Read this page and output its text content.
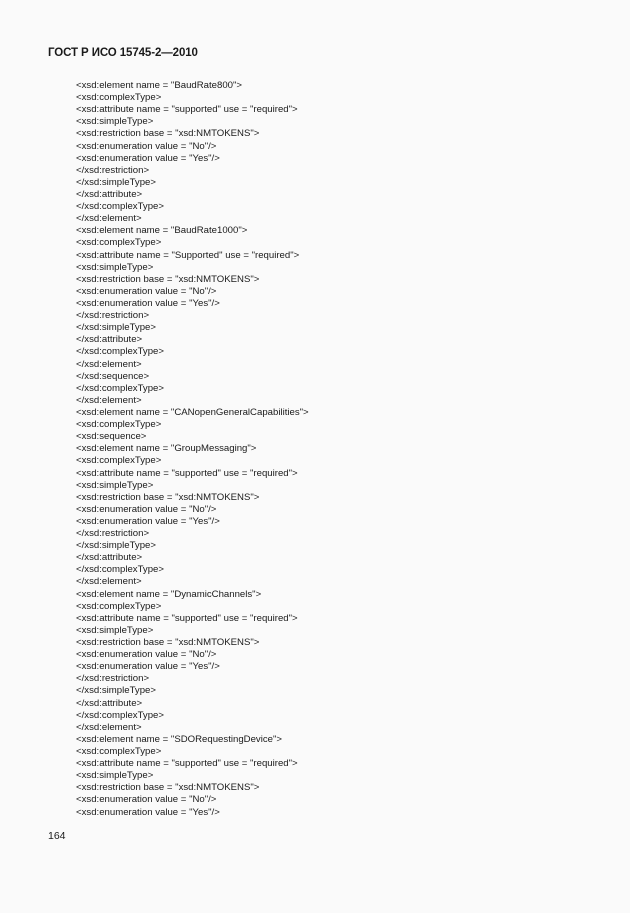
ГОСТ Р ИСО 15745-2—2010
<xsd:element name = "BaudRate800">
<xsd:complexType>
<xsd:attribute name = "supported" use = "required">
<xsd:simpleType>
<xsd:restriction base = "xsd:NMTOKENS">
<xsd:enumeration value = "No"/>
<xsd:enumeration value = "Yes"/>
</xsd:restriction>
</xsd:simpleType>
</xsd:attribute>
</xsd:complexType>
</xsd:element>
<xsd:element name = "BaudRate1000">
<xsd:complexType>
<xsd:attribute name = "Supported" use = "required">
<xsd:simpleType>
<xsd:restriction base = "xsd:NMTOKENS">
<xsd:enumeration value = "No"/>
<xsd:enumeration value = "Yes"/>
</xsd:restriction>
</xsd:simpleType>
</xsd:attribute>
</xsd:complexType>
</xsd:element>
</xsd:sequence>
</xsd:complexType>
</xsd:element>
<xsd:element name = "CANopenGeneralCapabilities">
<xsd:complexType>
<xsd:sequence>
<xsd:element name = "GroupMessaging">
<xsd:complexType>
<xsd:attribute name = "supported" use = "required">
<xsd:simpleType>
<xsd:restriction base = "xsd:NMTOKENS">
<xsd:enumeration value = "No"/>
<xsd:enumeration value = "Yes"/>
</xsd:restriction>
</xsd:simpleType>
</xsd:attribute>
</xsd:complexType>
</xsd:element>
<xsd:element name = "DynamicChannels">
<xsd:complexType>
<xsd:attribute name = "supported" use = "required">
<xsd:simpleType>
<xsd:restriction base = "xsd:NMTOKENS">
<xsd:enumeration value = "No"/>
<xsd:enumeration value = "Yes"/>
</xsd:restriction>
</xsd:simpleType>
</xsd:attribute>
</xsd:complexType>
</xsd:element>
<xsd:element name = "SDORequestingDevice">
<xsd:complexType>
<xsd:attribute name = "supported" use = "required">
<xsd:simpleType>
<xsd:restriction base = "xsd:NMTOKENS">
<xsd:enumeration value = "No"/>
<xsd:enumeration value = "Yes"/>
164
